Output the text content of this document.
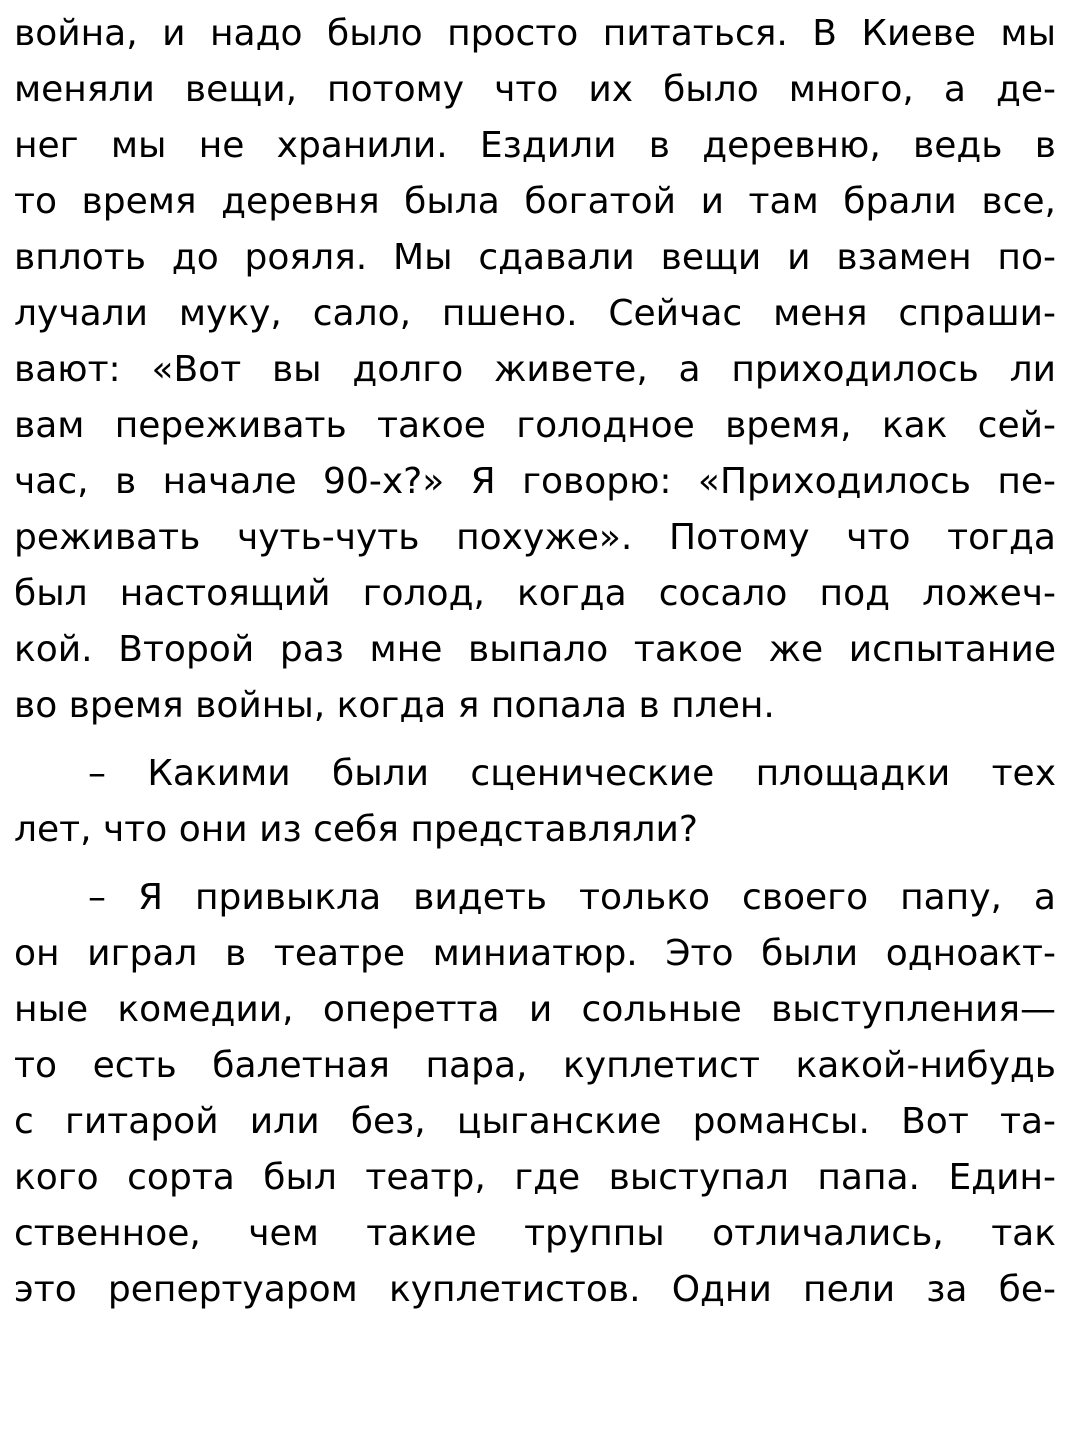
война, и надо было просто питаться. В Киеве мы
меняли вещи, потому что их было много, а де-
нег мы не хранили. Ездили в деревню, ведь в
то время деревня была богатой и там брали все,
вплоть до рояля. Мы сдавали вещи и взамен по-
лучали муку, сало, пшено. Сейчас меня спраши-
вают: «Вот вы долго живете, а приходилось ли
вам переживать такое голодное время, как сей-
час, в начале 90-х?» Я говорю: «Приходилось пе-
реживать чуть-чуть похуже». Потому что тогда
был настоящий голод, когда сосало под ложеч-
кой. Второй раз мне выпало такое же испытание
во время войны, когда я попала в плен.
– Какими были сценические площадки тех
лет, что они из себя представляли?
– Я привыкла видеть только своего папу, а
он играл в театре миниатюр. Это были одноакт-
ные комедии, оперетта и сольные выступления—
то есть балетная пара, куплетист какой-нибудь
с гитарой или без, цыганские романсы. Вот та-
кого сорта был театр, где выступал папа. Един-
ственное, чем такие труппы отличались, так
это репертуаром куплетистов. Одни пели за бе-
